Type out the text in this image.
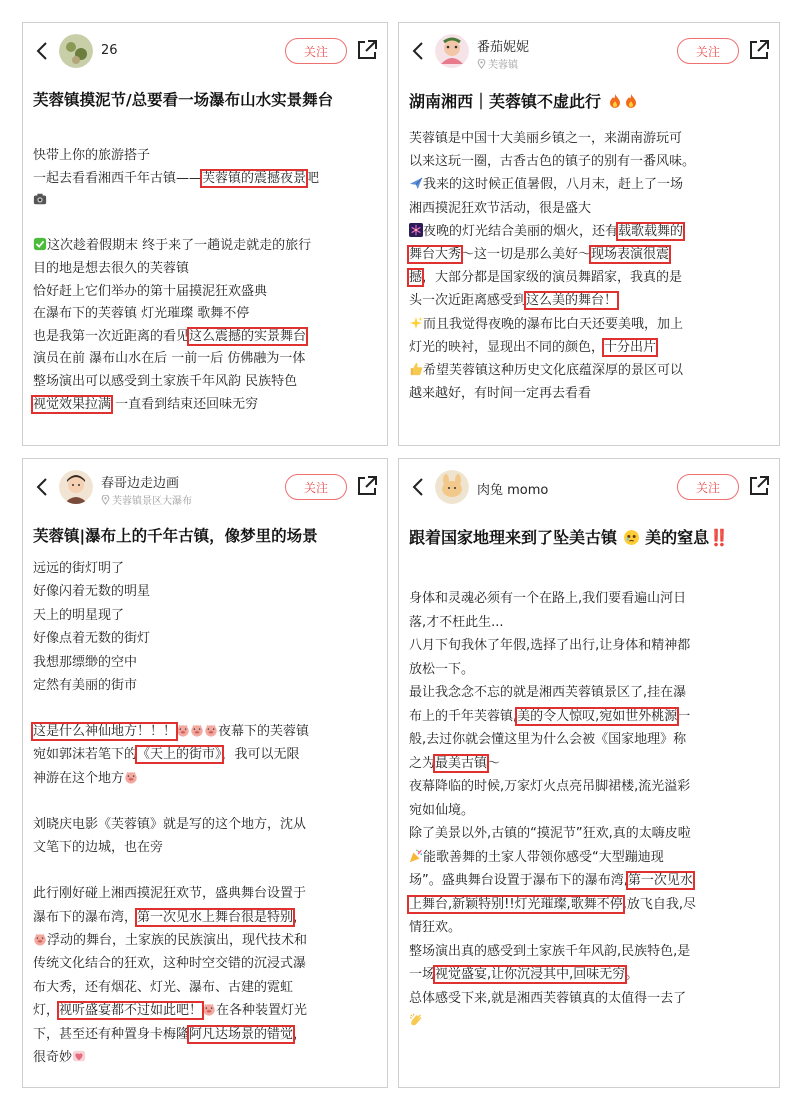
26	关注
芙蓉镇摸泥节/总要看一场瀑布山水实景舞台

快带上你的旅游搭子

一起去看看湘西千年古镇——芙蓉镇的震撼夜景吧

这次趁着假期末 终于来了一趟说走就走的旅行

目的地是想去很久的芙蓉镇

恰好赶上它们举办的第十届摸泥狂欢盛典

在瀑布下的芙蓉镇 灯光璀璨 歌舞不停

也是我第一次近距离的看见这么震撼的实景舞台

演员在前 瀑布山水在后 一前一后 仿佛融为一体

整场演出可以感受到土家族千年风韵 民族特色

视觉效果拉满 一直看到结束还回味无穷

番茄妮妮
芙蓉镇
关注
湖南湘西｜芙蓉镇不虚此行

芙蓉镇是中国十大美丽乡镇之一，来湖南游玩可

以来这玩一圈，古香古色的镇子的别有一番风味。

我来的这时候正值暑假，八月末，赶上了一场

湘西摸泥狂欢节活动，很是盛大

夜晚的灯光结合美丽的烟火，还有载歌载舞的

舞台大秀～这一切是那么美好～现场表演很震

撼，大部分都是国家级的演员舞蹈家，我真的是

头一次近距离感受到这么美的舞台！

而且我觉得夜晚的瀑布比白天还要美哦，加上

灯光的映衬，显现出不同的颜色，十分出片

希望芙蓉镇这种历史文化底蕴深厚的景区可以

越来越好，有时间一定再去看看

春哥边走边画
芙蓉镇景区大瀑布
关注
芙蓉镇|瀑布上的千年古镇，像梦里的场景

远远的街灯明了

好像闪着无数的明星

天上的明星现了

好像点着无数的街灯

我想那缥缈的空中

定然有美丽的街市

这是什么神仙地方！！！	夜幕下的芙蓉镇

宛如郭沫若笔下的《天上的街市》，我可以无限

神游在这个地方

刘晓庆电影《芙蓉镇》就是写的这个地方，沈从

文笔下的边城，也在旁

此行刚好碰上湘西摸泥狂欢节，盛典舞台设置于

瀑布下的瀑布湾，第一次见水上舞台很是特别，

浮动的舞台，土家族的民族演出，现代技术和

传统文化结合的狂欢，这种时空交错的沉浸式瀑

布大秀，还有烟花、灯光、瀑布、古建的霓虹

灯，视听盛宴都不过如此吧！ 在各种装置灯光

下，甚至还有种置身卡梅隆阿凡达场景的错觉，

很奇妙

肉兔 momo	关注
跟着国家地理来到了坠美古镇 美的窒息‼️

身体和灵魂必须有一个在路上,我们要看遍山河日

落,才不枉此生...

八月下旬我休了年假,选择了出行,让身体和精神都

放松一下。

最让我念念不忘的就是湘西芙蓉镇景区了,挂在瀑

布上的千年芙蓉镇,美的令人惊叹,宛如世外桃源一

般,去过你就会懂这里为什么会被《国家地理》称

之为最美古镇～

夜幕降临的时候,万家灯火点亮吊脚裙楼,流光溢彩

宛如仙境。

除了美景以外,古镇的“摸泥节”狂欢,真的太嗨皮啦

能歌善舞的土家人带领你感受“大型蹦迪现

场”。盛典舞台设置于瀑布下的瀑布湾,第一次见水

上舞台,新颖特别!!灯光璀璨,歌舞不停,放飞自我,尽

情狂欢。

整场演出真的感受到土家族千年风韵,民族特色,是

一场视觉盛宴,让你沉浸其中,回味无穷。

总体感受下来,就是湘西芙蓉镇真的太值得一去了
